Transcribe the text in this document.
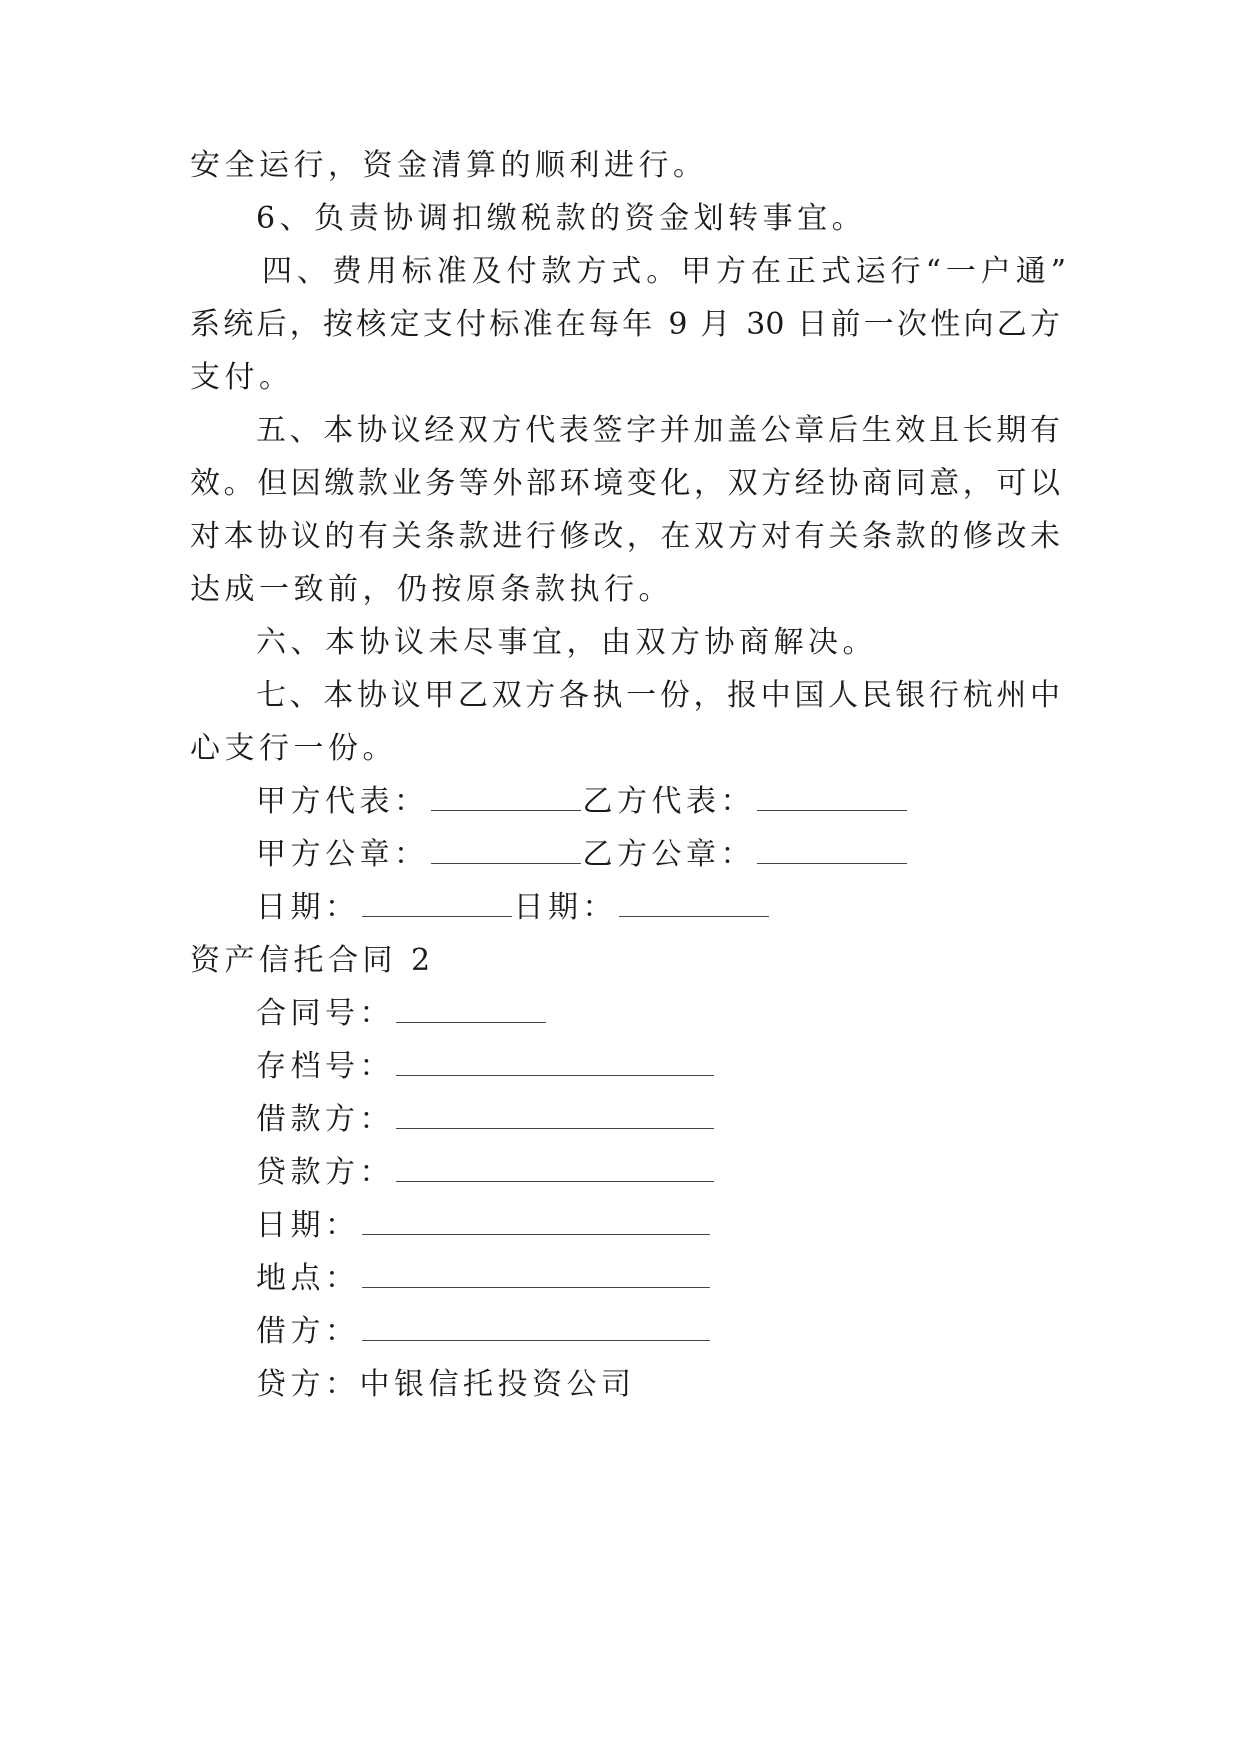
安全运行，资金清算的顺利进行。
6、负责协调扣缴税款的资金划转事宜。
四、费用标准及付款方式。甲方在正式运行“一户通”
系统后，按核定支付标准在每年 9 月 30 日前一次性向乙方
支付。
五、本协议经双方代表签字并加盖公章后生效且长期有
效。但因缴款业务等外部环境变化，双方经协商同意，可以
对本协议的有关条款进行修改，在双方对有关条款的修改未
达成一致前，仍按原条款执行。
六、本协议未尽事宜，由双方协商解决。
七、本协议甲乙双方各执一份，报中国人民银行杭州中
心支行一份。
甲方代表：	乙方代表：
甲方公章：	乙方公章：
日期：	日期：
资产信托合同 2
合同号：
存档号：
借款方：
贷款方：
日期：
地点：
借方：
贷方：中银信托投资公司
